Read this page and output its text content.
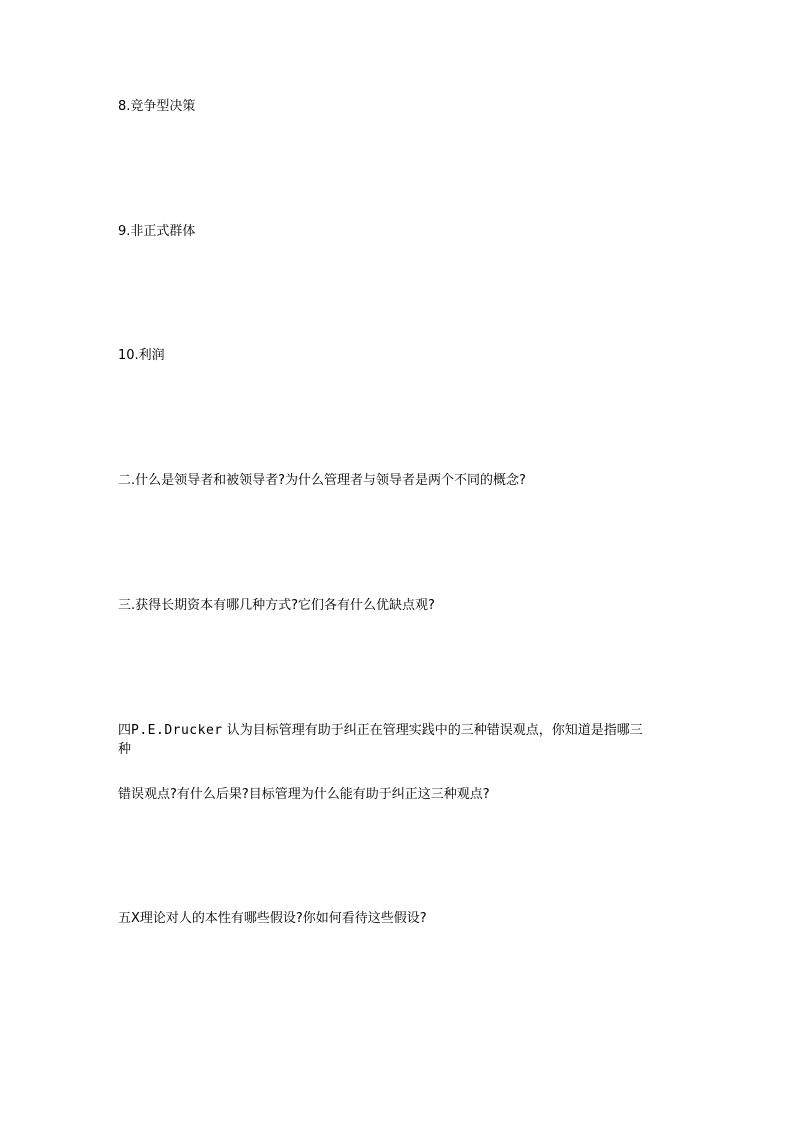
8.竞争型决策

9.非正式群体

10.利润

二.什么是领导者和被领导者?为什么管理者与领导者是两个不同的概念?

三.获得长期资本有哪几种方式?它们各有什么优缺点观?

四P.E.Drucker 认为目标管理有助于纠正在管理实践中的三种错误观点，你知道是指哪三

种

错误观点?有什么后果?目标管理为什么能有助于纠正这三种观点?

五X理论对人的本性有哪些假设?你如何看待这些假设?
